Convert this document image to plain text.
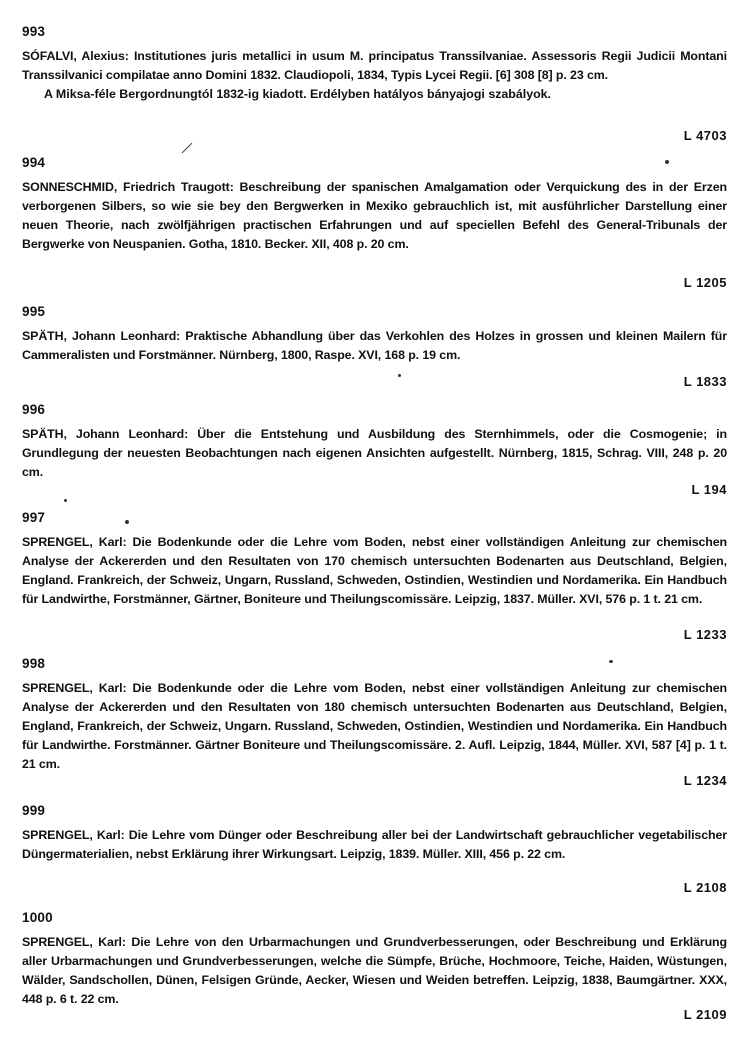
993
SÓFALVI, Alexius: Institutiones juris metallici in usum M. principatus Transsilvaniae. Assessoris Regii Judicii Montani Transsilvanici compilatae anno Domini 1832. Claudiopoli, 1834, Typis Lycei Regii. [6] 308 [8] p. 23 cm.
A Miksa-féle Bergordnungtól 1832-ig kiadott. Erdélyben hatályos bányajogi szabályok.
L 4703
994
SONNESCHMID, Friedrich Traugott: Beschreibung der spanischen Amalgamation oder Verquickung des in der Erzen verborgenen Silbers, so wie sie bey den Bergwerken in Mexiko gebrauchlich ist, mit ausführlicher Darstellung einer neuen Theorie, nach zwölfjährigen practischen Erfahrungen und auf speciellen Befehl des General-Tribunals der Bergwerke von Neuspanien. Gotha, 1810. Becker. XII, 408 p. 20 cm.
L 1205
995
SPÄTH, Johann Leonhard: Praktische Abhandlung über das Verkohlen des Holzes in grossen und kleinen Mailern für Cammeralisten und Forstmänner. Nürnberg, 1800, Raspe. XVI, 168 p. 19 cm.
L 1833
996
SPÄTH, Johann Leonhard: Über die Entstehung und Ausbildung des Sternhimmels, oder die Cosmogenie; in Grundlegung der neuesten Beobachtungen nach eigenen Ansichten aufgestellt. Nürnberg, 1815, Schrag. VIII, 248 p. 20 cm.
L 194
997
SPRENGEL, Karl: Die Bodenkunde oder die Lehre vom Boden, nebst einer vollständigen Anleitung zur chemischen Analyse der Ackererden und den Resultaten von 170 chemisch untersuchten Bodenarten aus Deutschland, Belgien, England. Frankreich, der Schweiz, Ungarn, Russland, Schweden, Ostindien, Westindien und Nordamerika. Ein Handbuch für Landwirthe, Forstmänner, Gärtner, Boniteure und Theilungscomissäre. Leipzig, 1837. Müller. XVI, 576 p. 1 t. 21 cm.
L 1233
998
SPRENGEL, Karl: Die Bodenkunde oder die Lehre vom Boden, nebst einer vollständigen Anleitung zur chemischen Analyse der Ackererden und den Resultaten von 180 chemisch untersuchten Bodenarten aus Deutschland, Belgien, England, Frankreich, der Schweiz, Ungarn. Russland, Schweden, Ostindien, Westindien und Nordamerika. Ein Handbuch für Landwirthe. Forstmänner. Gärtner Boniteure und Theilungscomissäre. 2. Aufl. Leipzig, 1844, Müller. XVI, 587 [4] p. 1 t. 21 cm.
L 1234
999
SPRENGEL, Karl: Die Lehre vom Dünger oder Beschreibung aller bei der Landwirtschaft gebrauchlicher vegetabilischer Düngermaterialien, nebst Erklärung ihrer Wirkungsart. Leipzig, 1839. Müller. XIII, 456 p. 22 cm.
L 2108
1000
SPRENGEL, Karl: Die Lehre von den Urbarmachungen und Grundverbesserungen, oder Beschreibung und Erklärung aller Urbarmachungen und Grundverbesserungen, welche die Sümpfe, Brüche, Hochmoore, Teiche, Haiden, Wüstungen, Wälder, Sandschollen, Dünen, Felsigen Gründe, Aecker, Wiesen und Weiden betreffen. Leipzig, 1838, Baumgärtner. XXX, 448 p. 6 t. 22 cm.
L 2109
